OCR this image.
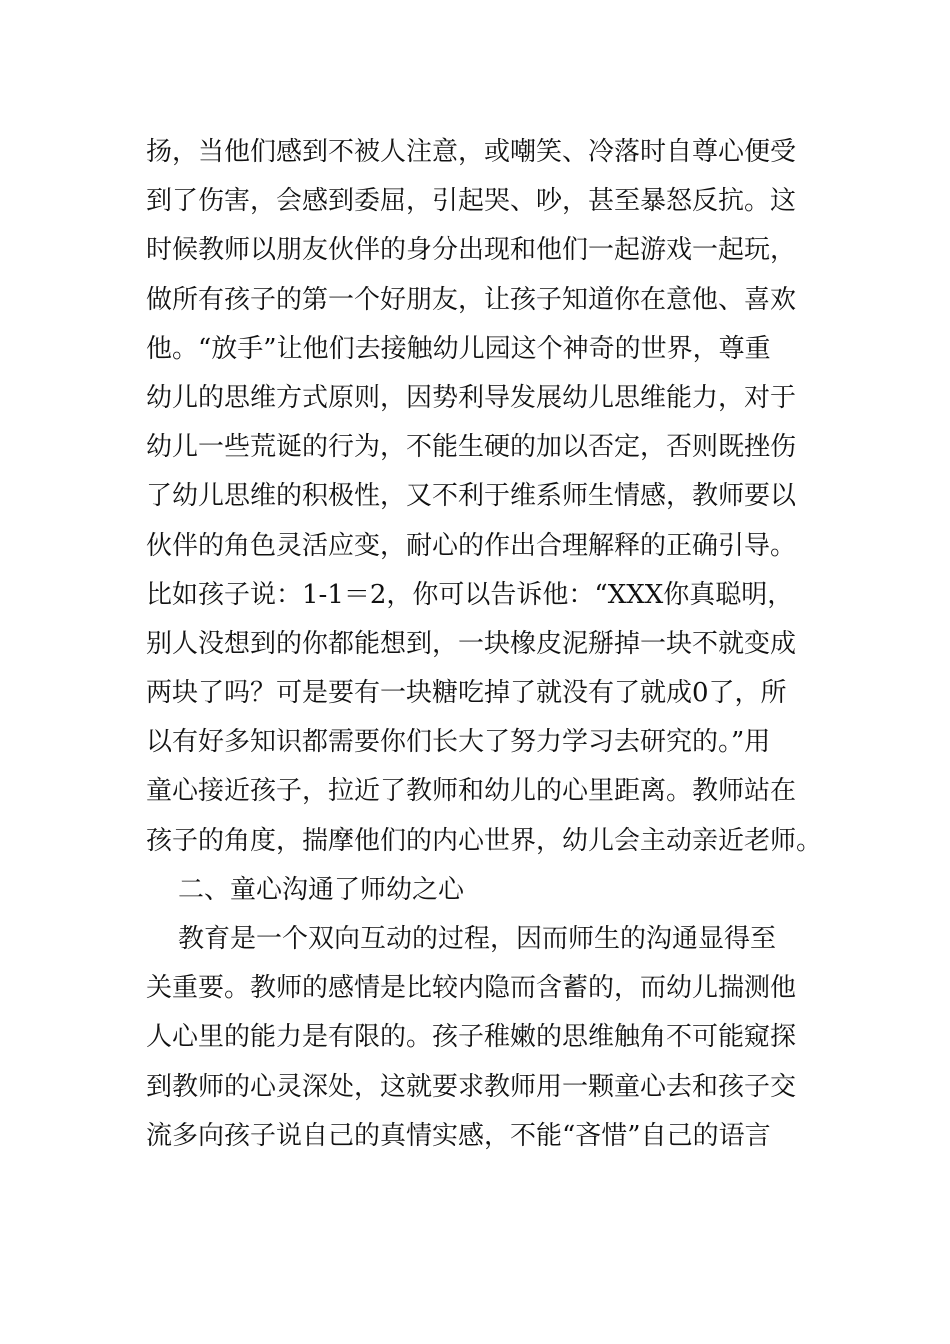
扬，当他们感到不被人注意，或嘲笑、冷落时自尊心便受
到了伤害，会感到委屈，引起哭、吵，甚至暴怒反抗。这
时候教师以朋友伙伴的身分出现和他们一起游戏一起玩，
做所有孩子的第一个好朋友，让孩子知道你在意他、喜欢
他。“放手”让他们去接触幼儿园这个神奇的世界，尊重
幼儿的思维方式原则，因势利导发展幼儿思维能力，对于
幼儿一些荒诞的行为，不能生硬的加以否定，否则既挫伤
了幼儿思维的积极性，又不利于维系师生情感，教师要以
伙伴的角色灵活应变，耐心的作出合理解释的正确引导。
比如孩子说：1-1＝2，你可以告诉他：“XXX你真聪明，
别人没想到的你都能想到，一块橡皮泥掰掉一块不就变成
两块了吗？可是要有一块糖吃掉了就没有了就成0了，所
以有好多知识都需要你们长大了努力学习去研究的。”用
童心接近孩子，拉近了教师和幼儿的心里距离。教师站在
孩子的角度，揣摩他们的内心世界，幼儿会主动亲近老师。
二、童心沟通了师幼之心
教育是一个双向互动的过程，因而师生的沟通显得至
关重要。教师的感情是比较内隐而含蓄的，而幼儿揣测他
人心里的能力是有限的。孩子稚嫩的思维触角不可能窥探
到教师的心灵深处，这就要求教师用一颗童心去和孩子交
流多向孩子说自己的真情实感，不能“吝惜”自己的语言
